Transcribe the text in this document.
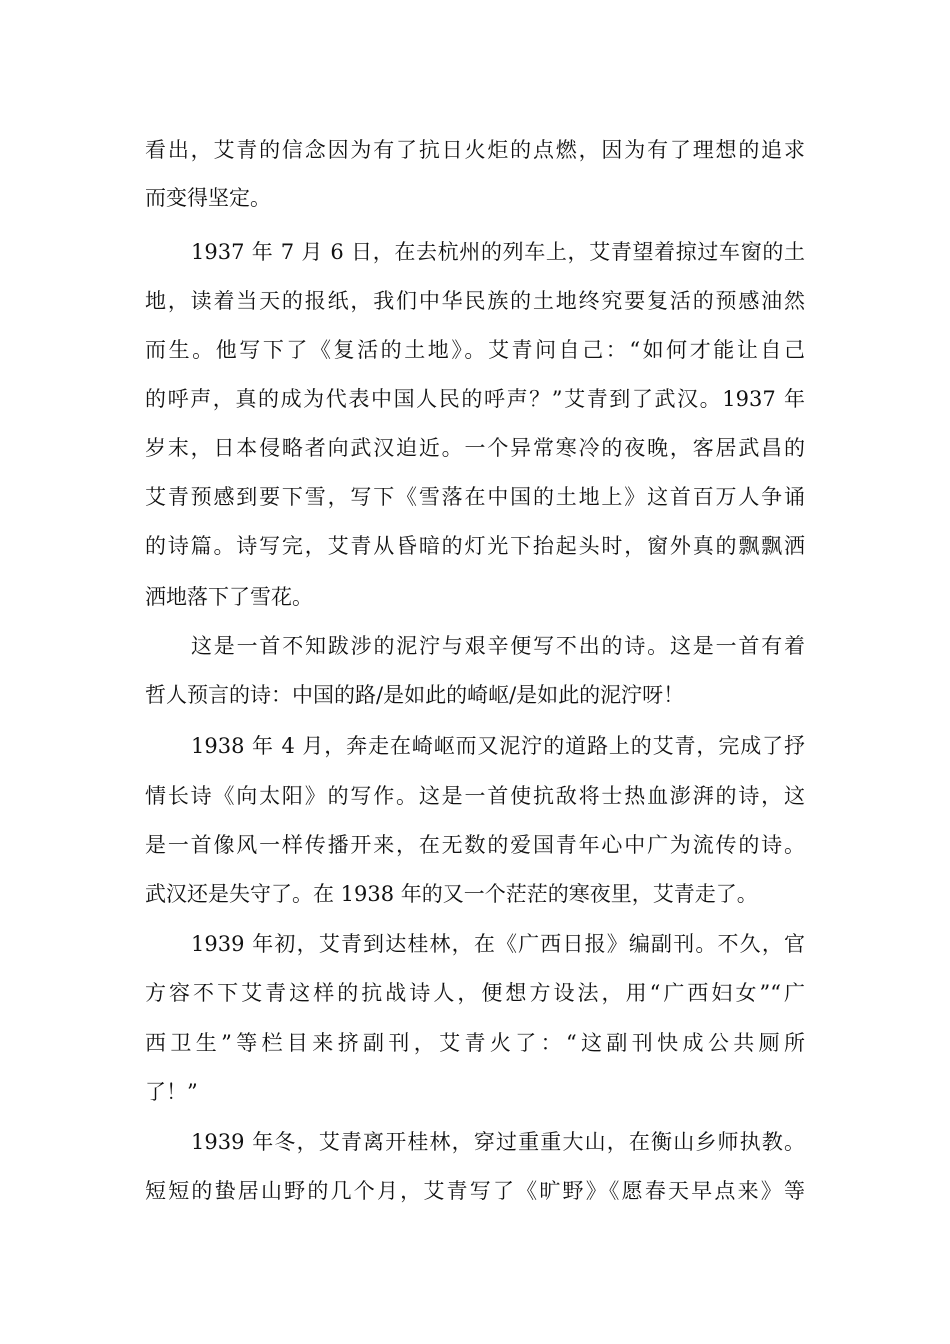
看出，艾青的信念因为有了抗日火炬的点燃，因为有了理想的追求
而变得坚定。
1937 年 7 月 6 日，在去杭州的列车上，艾青望着掠过车窗的土
地，读着当天的报纸，我们中华民族的土地终究要复活的预感油然
而生。他写下了《复活的土地》。艾青问自己：“如何才能让自己
的呼声，真的成为代表中国人民的呼声？”艾青到了武汉。1937 年
岁末，日本侵略者向武汉迫近。一个异常寒冷的夜晚，客居武昌的
艾青预感到要下雪，写下《雪落在中国的土地上》这首百万人争诵
的诗篇。诗写完，艾青从昏暗的灯光下抬起头时，窗外真的飘飘洒
洒地落下了雪花。
这是一首不知跋涉的泥泞与艰辛便写不出的诗。这是一首有着
哲人预言的诗：中国的路/是如此的崎岖/是如此的泥泞呀！
1938 年 4 月，奔走在崎岖而又泥泞的道路上的艾青，完成了抒
情长诗《向太阳》的写作。这是一首使抗敌将士热血澎湃的诗，这
是一首像风一样传播开来，在无数的爱国青年心中广为流传的诗。
武汉还是失守了。在 1938 年的又一个茫茫的寒夜里，艾青走了。
1939 年初，艾青到达桂林，在《广西日报》编副刊。不久，官
方容不下艾青这样的抗战诗人，便想方设法，用“广西妇女”“广
西卫生”等栏目来挤副刊，艾青火了：“这副刊快成公共厕所
了！”
1939 年冬，艾青离开桂林，穿过重重大山，在衡山乡师执教。
短短的蛰居山野的几个月，艾青写了《旷野》《愿春天早点来》等
